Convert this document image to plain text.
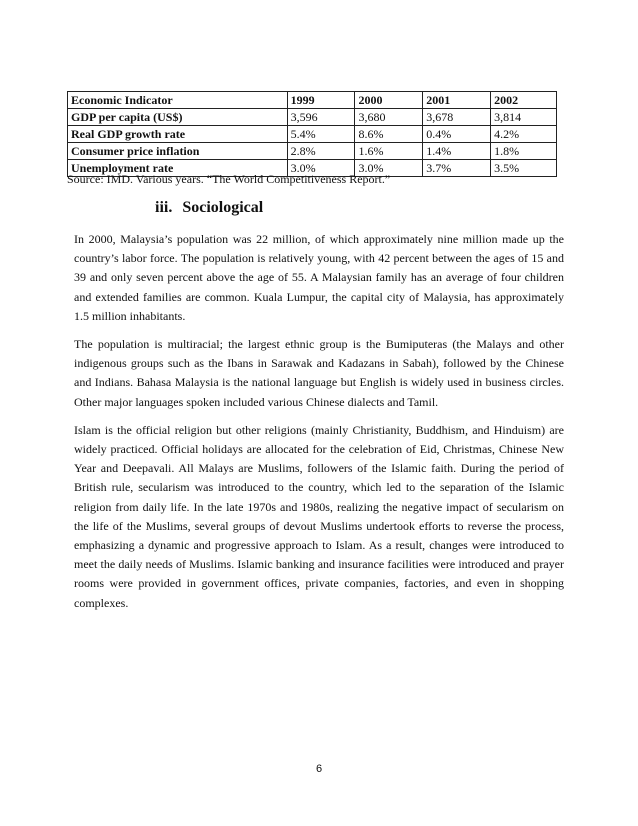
Economic Indicator	1999	2000	2001	2002
GDP per capita (US$)	3,596	3,680	3,678	3,814
Real GDP growth rate	5.4%	8.6%	0.4%	4.2%
Consumer price inflation	2.8%	1.6%	1.4%	1.8%
Unemployment rate	3.0%	3.0%	3.7%	3.5%
Source: IMD. Various years. “The World Competitiveness Report.”
iii. Sociological

In 2000, Malaysia’s population was 22 million, of which approximately nine million made up the country’s labor force. The population is relatively young, with 42 percent between the ages of 15 and 39 and only seven percent above the age of 55. A Malaysian family has an average of four children and extended families are common. Kuala Lumpur, the capital city of Malaysia, has approximately 1.5 million inhabitants.

The population is multiracial; the largest ethnic group is the Bumiputeras (the Malays and other indigenous groups such as the Ibans in Sarawak and Kadazans in Sabah), followed by the Chinese and Indians. Bahasa Malaysia is the national language but English is widely used in business circles. Other major languages spoken included various Chinese dialects and Tamil.

Islam is the official religion but other religions (mainly Christianity, Buddhism, and Hinduism) are widely practiced. Official holidays are allocated for the celebration of Eid, Christmas, Chinese New Year and Deepavali. All Malays are Muslims, followers of the Islamic faith. During the period of British rule, secularism was introduced to the country, which led to the separation of the Islamic religion from daily life. In the late 1970s and 1980s, realizing the negative impact of secularism on the life of the Muslims, several groups of devout Muslims undertook efforts to reverse the process, emphasizing a dynamic and progressive approach to Islam. As a result, changes were introduced to meet the daily needs of Muslims. Islamic banking and insurance facilities were introduced and prayer rooms were provided in government offices, private companies, factories, and even in shopping complexes.

6
